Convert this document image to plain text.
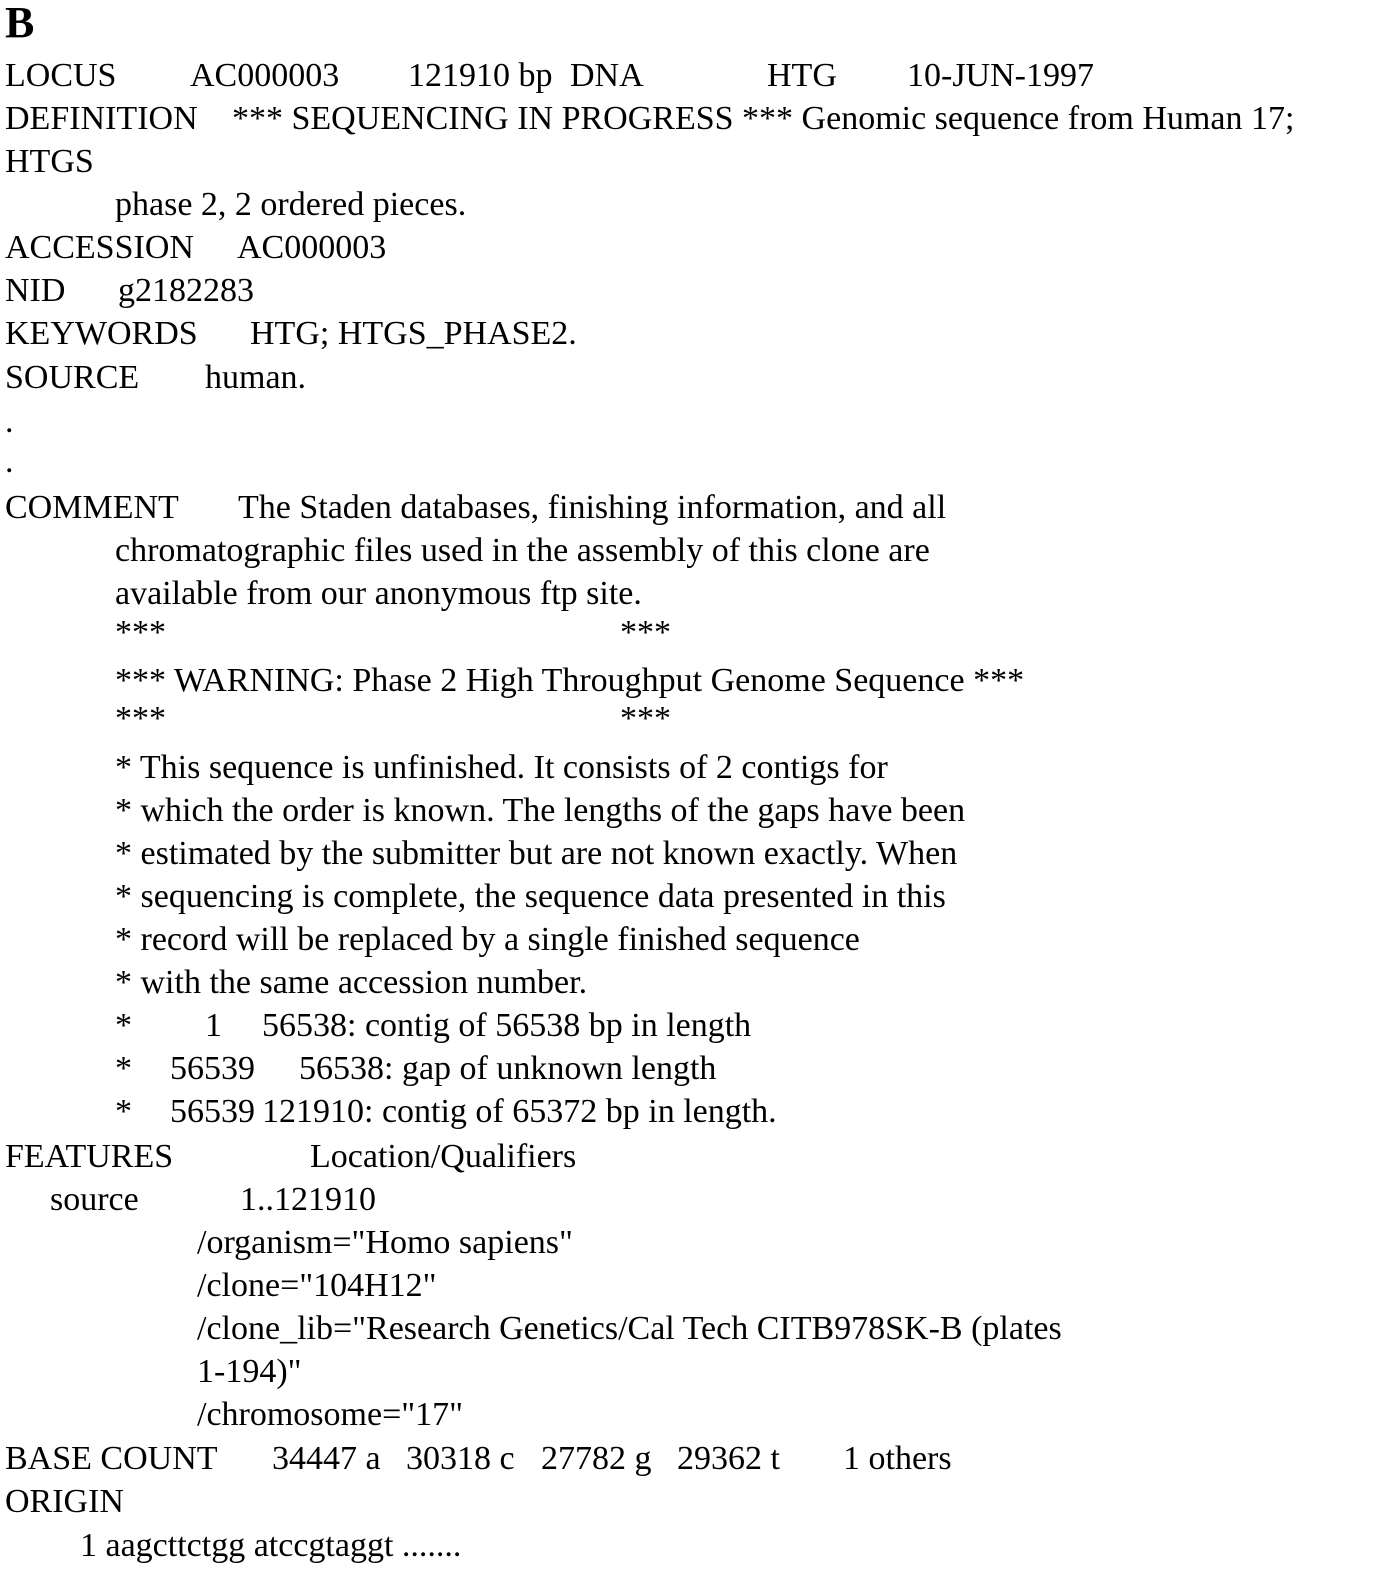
B
LOCUS AC000003 121910 bp DNA	HTG 10-JUN-1997
DEFINITION *** SEQUENCING IN PROGRESS *** Genomic sequence from Human 17;
HTGS
phase 2, 2 ordered pieces.
ACCESSION AC000003
NID g2182283
KEYWORDS HTG; HTGS_PHASE2.
SOURCE human.
.
.
COMMENT The Staden databases, finishing information, and all
chromatographic files used in the assembly of this clone are
available from our anonymous ftp site.
***	***
*** WARNING: Phase 2 High Throughput Genome Sequence ***
***	***
* This sequence is unfinished. It consists of 2 contigs for
* which the order is known. The lengths of the gaps have been
* estimated by the submitter but are not known exactly. When
* sequencing is complete, the sequence data presented in this
* record will be replaced by a single finished sequence
* with the same accession number.
* 1 56538: contig of 56538 bp in length
* 56539 56538: gap of unknown length
* 56539 121910: contig of 65372 bp in length.
FEATURES	Location/Qualifiers
source	1..121910
/organism="Homo sapiens"
/clone="104H12"
/clone_lib="Research Genetics/Cal Tech CITB978SK-B (plates
1-194)"
/chromosome="17"
BASE COUNT 34447 a 30318 c 27782 g 29362 t 1 others
ORIGIN
1 aagcttctgg atccgtaggt .......
